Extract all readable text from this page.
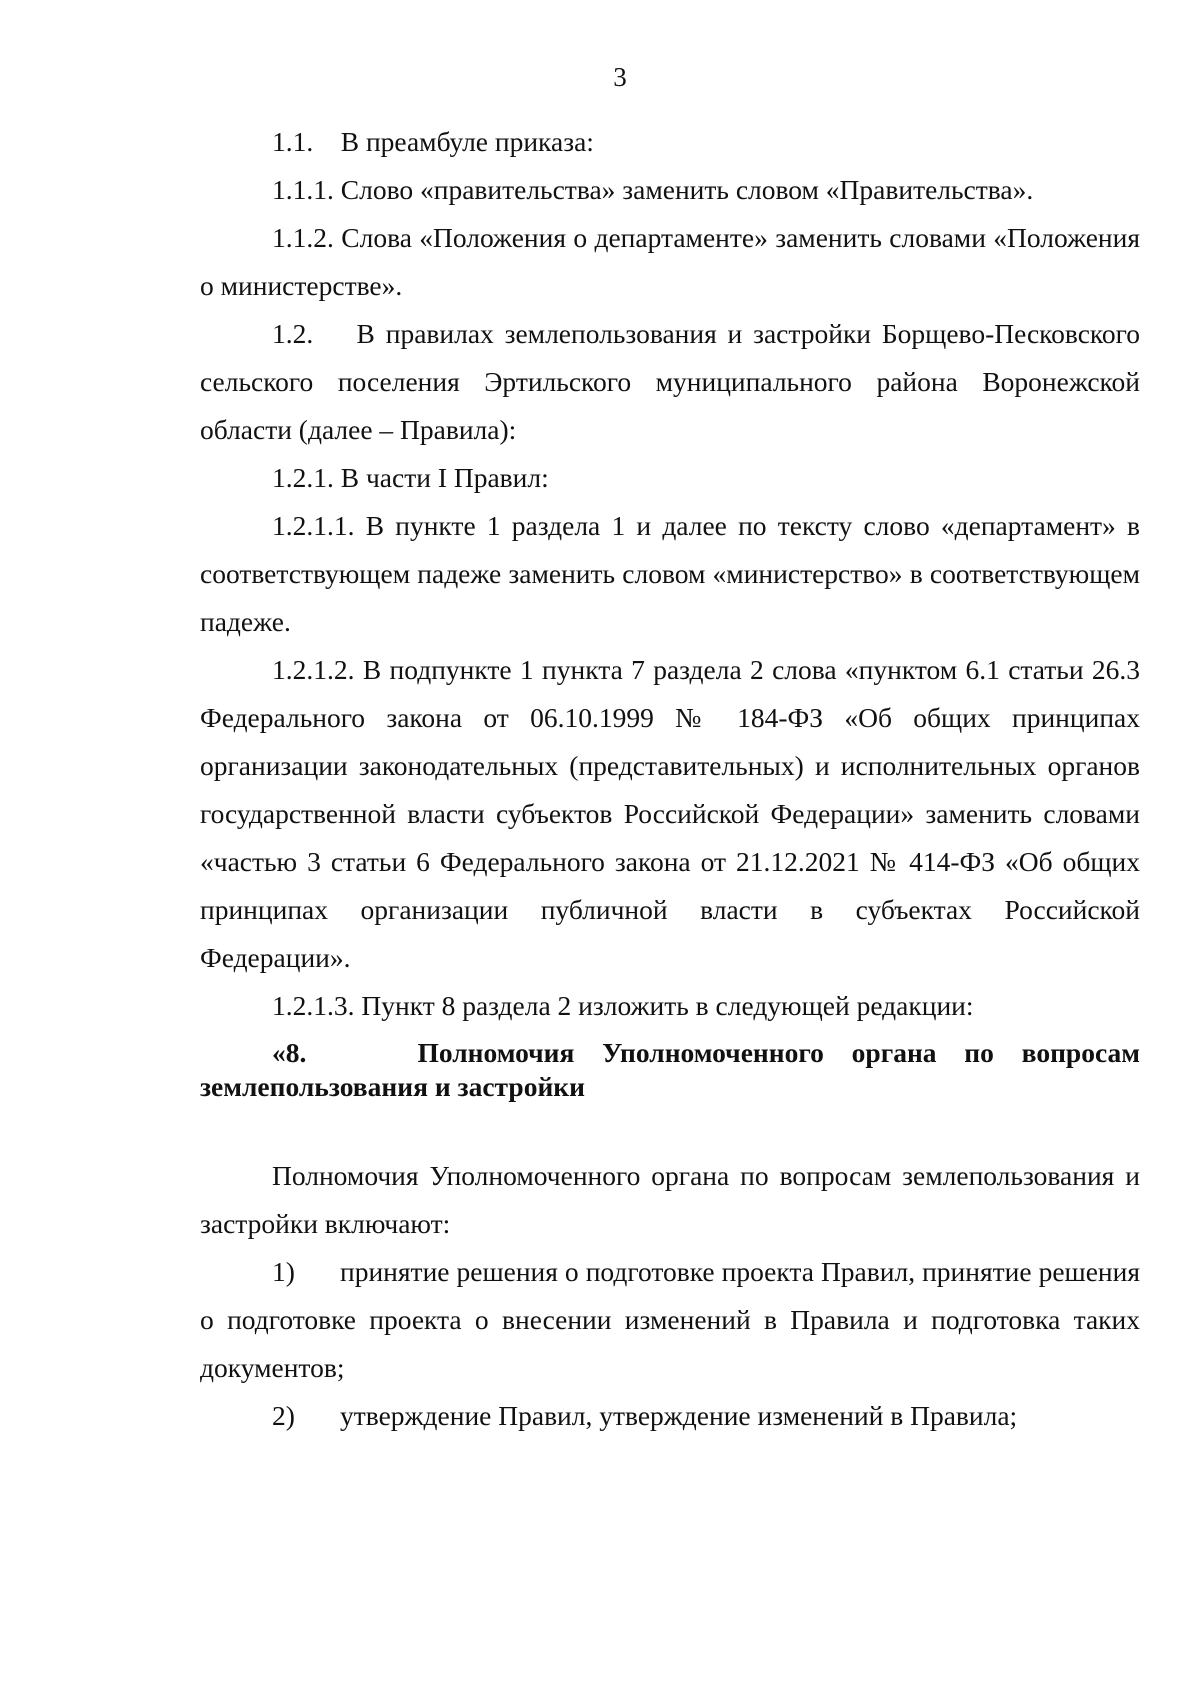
3

1.1.    В преамбуле приказа:

1.1.1. Слово «правительства» заменить словом «Правительства».

1.1.2. Слова «Положения о департаменте» заменить словами «Положения о министерстве».

1.2.    В правилах землепользования и застройки Борщево-Песковского сельского поселения Эртильского муниципального района Воронежской области (далее – Правила):

1.2.1. В части I Правил:

1.2.1.1. В пункте 1 раздела 1 и далее по тексту слово «департамент» в соответствующем падеже заменить словом «министерство» в соответствующем падеже.

1.2.1.2. В подпункте 1 пункта 7 раздела 2 слова «пунктом 6.1 статьи 26.3 Федерального закона от 06.10.1999 № 184-ФЗ «Об общих принципах организации законодательных (представительных) и исполнительных органов государственной власти субъектов Российской Федерации» заменить словами «частью 3 статьи 6 Федерального закона от 21.12.2021 № 414-ФЗ «Об общих принципах организации публичной власти в субъектах Российской Федерации».

1.2.1.3. Пункт 8 раздела 2 изложить в следующей редакции:

«8.    Полномочия Уполномоченного органа по вопросам
землепользования и застройки

Полномочия Уполномоченного органа по вопросам землепользования и застройки включают:

1) принятие решения о подготовке проекта Правил, принятие решения о подготовке проекта о внесении изменений в Правила и подготовка таких документов;

2) утверждение Правил, утверждение изменений в Правила;
